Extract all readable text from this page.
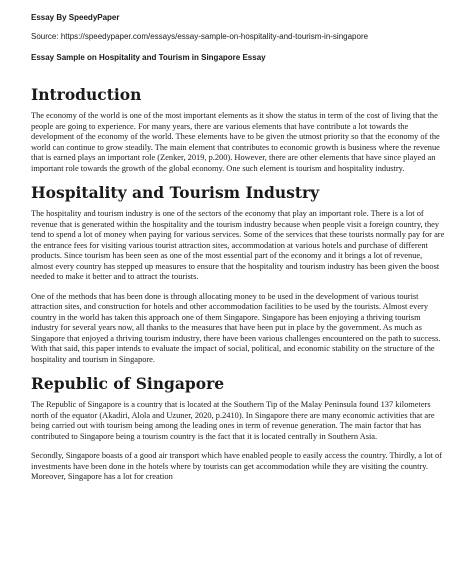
Essay By SpeedyPaper
Source: https://speedypaper.com/essays/essay-sample-on-hospitality-and-tourism-in-singapore
Essay Sample on Hospitality and Tourism in Singapore Essay
Introduction

The economy of the world is one of the most important elements as it show the status in term of the cost of living that the people are going to experience. For many years, there are various elements that have contribute a lot towards the development of the economy of the world. These elements have to be given the utmost priority so that the economy of the world can continue to grow steadily. The main element that contributes to economic growth is business where the revenue that is earned plays an important role (Zenker, 2019, p.200). However, there are other elements that have since played an important role towards the growth of the global economy. One such element is tourism and hospitality industry.

Hospitality and Tourism Industry

The hospitality and tourism industry is one of the sectors of the economy that play an important role. There is a lot of revenue that is generated within the hospitality and the tourism industry because when people visit a foreign country, they tend to spend a lot of money when paying for various services. Some of the services that these tourists normally pay for are the entrance fees for visiting various tourist attraction sites, accommodation at various hotels and purchase of different products. Since tourism has been seen as one of the most essential part of the economy and it brings a lot of revenue, almost every country has stepped up measures to ensure that the hospitality and tourism industry has been given the boost needed to make it better and to attract the tourists.

One of the methods that has been done is through allocating money to be used in the development of various tourist attraction sites, and construction for hotels and other accommodation facilities to be used by the tourists. Almost every country in the world has taken this approach one of them Singapore. Singapore has been enjoying a thriving tourism industry for several years now, all thanks to the measures that have been put in place by the government. As much as Singapore that enjoyed a thriving tourism industry, there have been various challenges encountered on the path to success. With that said, this paper intends to evaluate the impact of social, political, and economic stability on the structure of the hospitality and tourism in Singapore.

Republic of Singapore

The Republic of Singapore is a country that is located at the Southern Tip of the Malay Peninsula found 137 kilometers north of the equator (Akadiri, Alola and Uzuner, 2020, p.2410). In Singapore there are many economic activities that are being carried out with tourism being among the leading ones in term of revenue generation. The main factor that has contributed to Singapore being a tourism country is the fact that it is located centrally in Southern Asia.

Secondly, Singapore boasts of a good air transport which have enabled people to easily access the country. Thirdly, a lot of investments have been done in the hotels where by tourists can get accommodation while they are visiting the country. Moreover, Singapore has a lot for creation
